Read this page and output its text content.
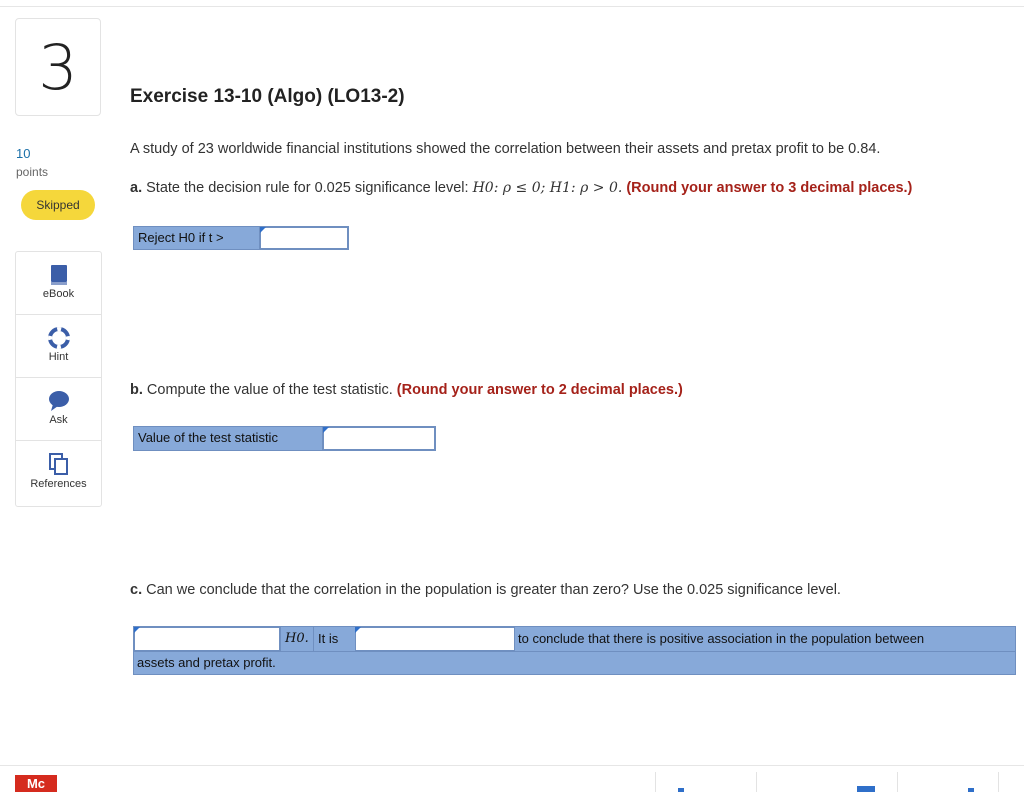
3
10
points
Skipped
eBook
Hint
Ask
References
Exercise 13-10 (Algo) (LO13-2)
A study of 23 worldwide financial institutions showed the correlation between their assets and pretax profit to be 0.84.
a. State the decision rule for 0.025 significance level: H0: ρ ≤ 0; H1: ρ > 0. (Round your answer to 3 decimal places.)
Reject H0 if t >
b. Compute the value of the test statistic. (Round your answer to 2 decimal places.)
Value of the test statistic
c. Can we conclude that the correlation in the population is greater than zero? Use the 0.025 significance level.
H0. It is	to conclude that there is positive association in the population between
assets and pretax profit.
Mc
